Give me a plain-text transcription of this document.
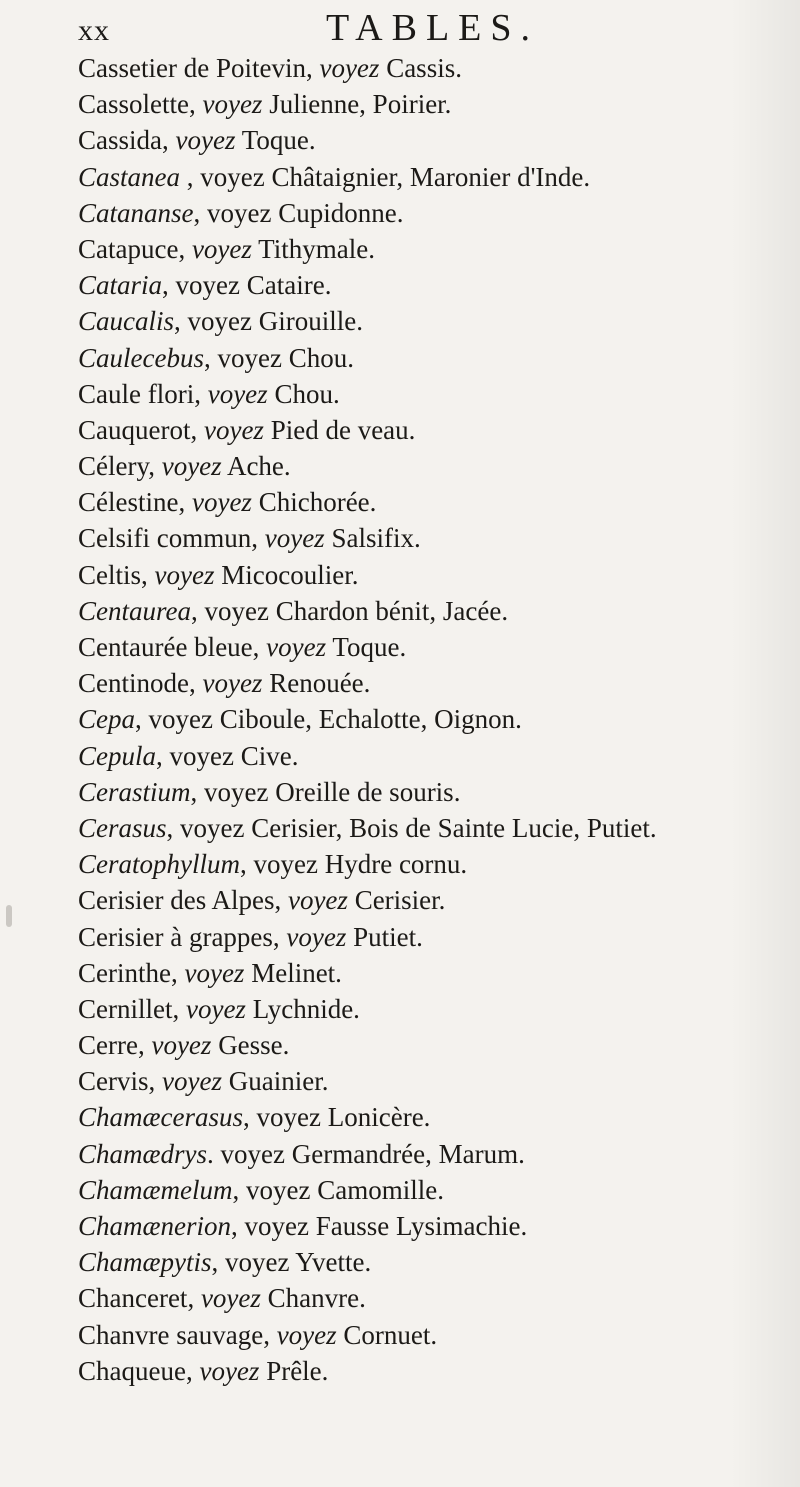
xx	TABLES.
Cassetier de Poitevin, voyez Cassis.
Cassolette, voyez Julienne, Poirier.
Cassida, voyez Toque.
Castanea , voyez Châtaignier, Maronier d'Inde.
Catananse, voyez Cupidonne.
Catapuce, voyez Tithymale.
Cataria, voyez Cataire.
Caucalis, voyez Girouille.
Caulecebus, voyez Chou.
Caule flori, voyez Chou.
Cauquerot, voyez Pied de veau.
Célery, voyez Ache.
Célestine, voyez Chichorée.
Celsifi commun, voyez Salsifix.
Celtis, voyez Micocoulier.
Centaurea, voyez Chardon bénit, Jacée.
Centaurée bleue, voyez Toque.
Centinode, voyez Renouée.
Cepa, voyez Ciboule, Echalotte, Oignon.
Cepula, voyez Cive.
Cerastium, voyez Oreille de souris.
Cerasus, voyez Cerisier, Bois de Sainte Lucie, Putiet.
Ceratophyllum, voyez Hydre cornu.
Cerisier des Alpes, voyez Cerisier.
Cerisier à grappes, voyez Putiet.
Cerinthe, voyez Melinet.
Cernillet, voyez Lychnide.
Cerre, voyez Gesse.
Cervis, voyez Guainier.
Chamæcerasus, voyez Lonicère.
Chamædrys. voyez Germandrée, Marum.
Chamæmelum, voyez Camomille.
Chamænerion, voyez Fausse Lysimachie.
Chamæpytis, voyez Yvette.
Chanceret, voyez Chanvre.
Chanvre sauvage, voyez Cornuet.
Chaqueue, voyez Prêle.
